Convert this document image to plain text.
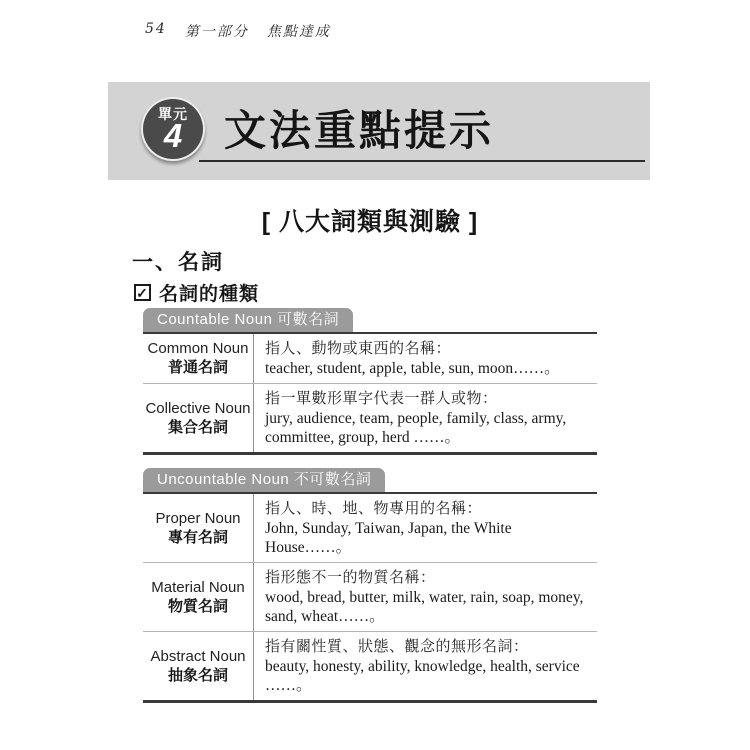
54 第一部分 焦點達成
單元
4 文法重點提示
[ 八大詞類與測驗 ]
一、名詞
✓ 名詞的種類
Countable Noun 可數名詞
Common Noun
普通名詞
指人、動物或東西的名稱：
teacher, student, apple, table, sun, moon……。
Collective Noun
集合名詞
指一單數形單字代表一群人或物：
jury, audience, team, people, family, class, army, committee, group, herd ……。
Uncountable Noun 不可數名詞
Proper Noun
專有名詞
指人、時、地、物專用的名稱：
John, Sunday, Taiwan, Japan, the White House……。
Material Noun
物質名詞
指形態不一的物質名稱：
wood, bread, butter, milk, water, rain, soap, money, sand, wheat……。
Abstract Noun
抽象名詞
指有關性質、狀態、觀念的無形名詞：
beauty, honesty, ability, knowledge, health, service ……。
